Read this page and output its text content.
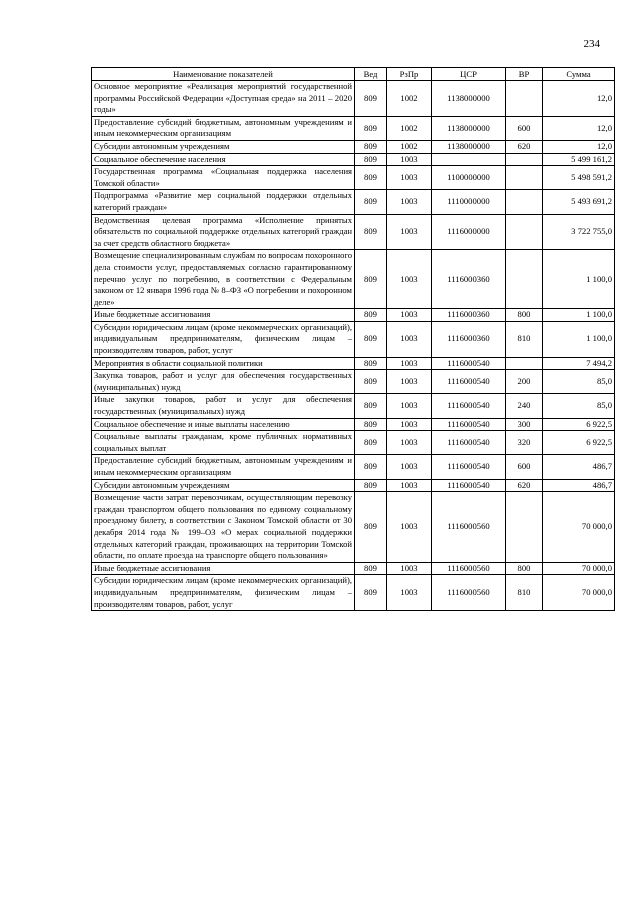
234
Наименование показателей	Вед	РзПр	ЦСР	ВР	Сумма
Основное мероприятие «Реализация мероприятий государственной программы Российской Федерации «Доступная среда» на 2011 – 2020 годы»	809	1002	1138000000		12,0
Предоставление субсидий бюджетным, автономным учреждениям и иным некоммерческим организациям	809	1002	1138000000	600	12,0
Субсидии автономным учреждениям	809	1002	1138000000	620	12,0
Социальное обеспечение населения	809	1003			5 499 161,2
Государственная программа «Социальная поддержка населения Томской области»	809	1003	1100000000		5 498 591,2
Подпрограмма «Развитие мер социальной поддержки отдельных категорий граждан»	809	1003	1110000000		5 493 691,2
Ведомственная целевая программа «Исполнение принятых обязательств по социальной поддержке отдельных категорий граждан за счет средств областного бюджета»	809	1003	1116000000		3 722 755,0
Возмещение специализированным службам по вопросам похоронного дела стоимости услуг, предоставляемых согласно гарантированному перечню услуг по погребению, в соответствии с Федеральным законом от 12 января 1996 года № 8–ФЗ «О погребении и похоронном деле»	809	1003	1116000360		1 100,0
Иные бюджетные ассигнования	809	1003	1116000360	800	1 100,0
Субсидии юридическим лицам (кроме некоммерческих организаций), индивидуальным предпринимателям, физическим лицам – производителям товаров, работ, услуг	809	1003	1116000360	810	1 100,0
Мероприятия в области социальной политики	809	1003	1116000540		7 494,2
Закупка товаров, работ и услуг для обеспечения государственных (муниципальных) нужд	809	1003	1116000540	200	85,0
Иные закупки товаров, работ и услуг для обеспечения государственных (муниципальных) нужд	809	1003	1116000540	240	85,0
Социальное обеспечение и иные выплаты населению	809	1003	1116000540	300	6 922,5
Социальные выплаты гражданам, кроме публичных нормативных социальных выплат	809	1003	1116000540	320	6 922,5
Предоставление субсидий бюджетным, автономным учреждениям и иным некоммерческим организациям	809	1003	1116000540	600	486,7
Субсидии автономным учреждениям	809	1003	1116000540	620	486,7
Возмещение части затрат перевозчикам, осуществляющим перевозку граждан транспортом общего пользования по единому социальному проездному билету, в соответствии с Законом Томской области от 30 декабря 2014 года № 199–ОЗ «О мерах социальной поддержки отдельных категорий граждан, проживающих на территории Томской области, по оплате проезда на транспорте общего пользования»	809	1003	1116000560		70 000,0
Иные бюджетные ассигнования	809	1003	1116000560	800	70 000,0
Субсидии юридическим лицам (кроме некоммерческих организаций), индивидуальным предпринимателям, физическим лицам – производителям товаров, работ, услуг	809	1003	1116000560	810	70 000,0
